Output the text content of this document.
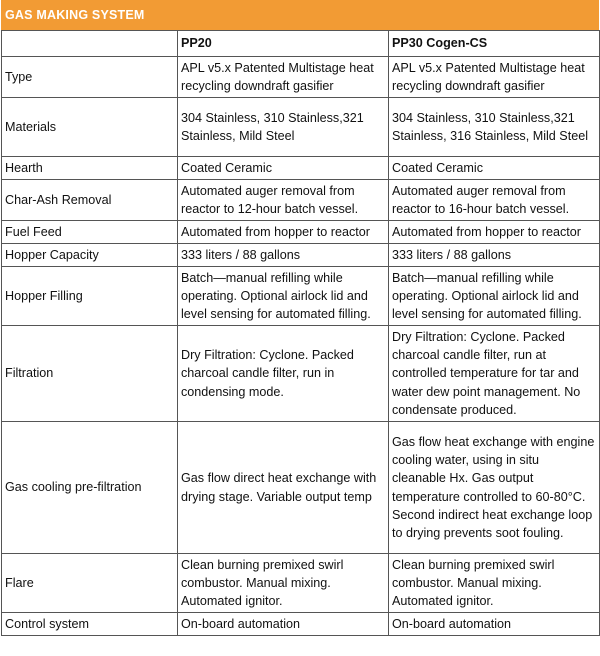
GAS MAKING SYSTEM
	PP20	PP30 Cogen-CS
Type	APL v5.x Patented Multistage heat recycling downdraft gasifier	APL v5.x Patented Multistage heat recycling downdraft gasifier
Materials	304 Stainless, 310 Stainless,321 Stainless, Mild Steel	304 Stainless, 310 Stainless,321 Stainless, 316 Stainless, Mild Steel
Hearth	Coated Ceramic	Coated Ceramic
Char-Ash Removal	Automated auger removal from reactor to 12-hour batch vessel.	Automated auger removal from reactor to 16-hour batch vessel.
Fuel Feed	Automated from hopper to reactor	Automated from hopper to reactor
Hopper Capacity	333 liters / 88 gallons	333 liters / 88 gallons
Hopper Filling	Batch—manual refilling while operating. Optional airlock lid and level sensing for automated filling.	Batch—manual refilling while operating. Optional airlock lid and level sensing for automated filling.
Filtration	Dry Filtration: Cyclone. Packed charcoal candle filter, run in condensing mode.	Dry Filtration: Cyclone. Packed charcoal candle filter, run at controlled temperature for tar and water dew point management. No condensate produced.
Gas cooling pre-filtration	Gas flow direct heat exchange with drying stage. Variable output temp	Gas flow heat exchange with engine cooling water, using in situ cleanable Hx. Gas output temperature controlled to 60-80°C. Second indirect heat exchange loop to drying prevents soot fouling.
Flare	Clean burning premixed swirl combustor. Manual mixing. Automated ignitor.	Clean burning premixed swirl combustor. Manual mixing. Automated ignitor.
Control system	On-board automation	On-board automation
